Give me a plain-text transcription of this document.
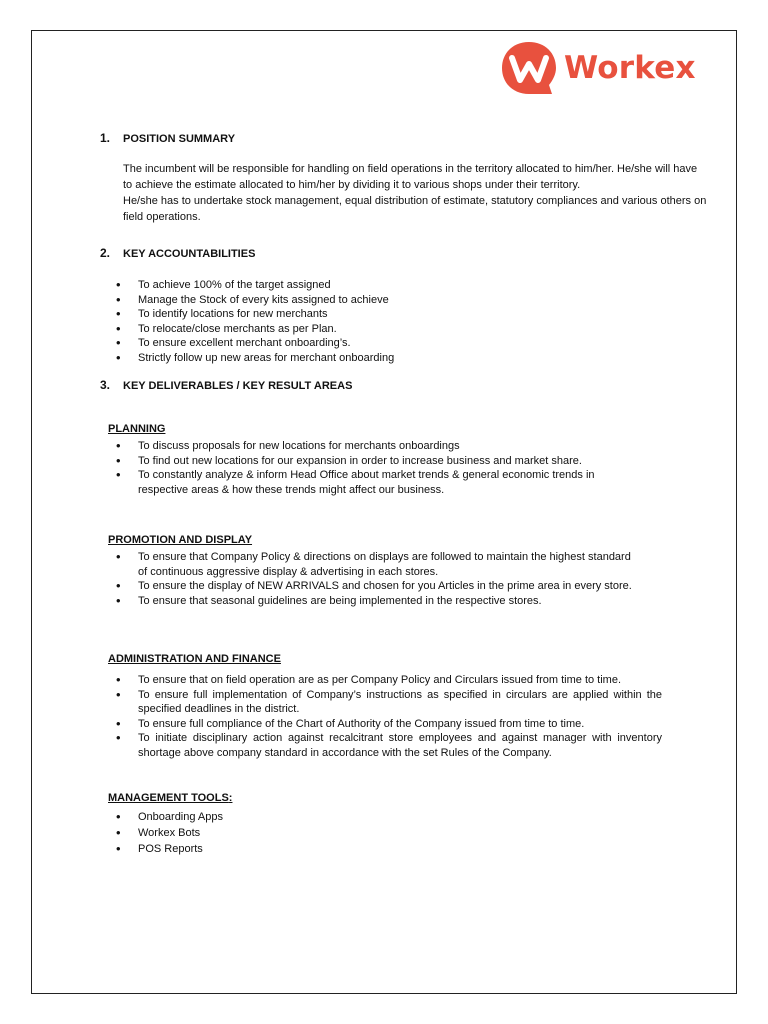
Workex
1. POSITION SUMMARY

The incumbent will be responsible for handling on field operations in the territory allocated to him/her. He/she will have to achieve the estimate allocated to him/her by dividing it to various shops under their territory.

He/she has to undertake stock management, equal distribution of estimate, statutory compliances and various others on field operations.

2. KEY ACCOUNTABILITIES
• To achieve 100% of the target assigned
• Manage the Stock of every kits assigned to achieve
• To identify locations for new merchants
• To relocate/close merchants as per Plan.
• To ensure excellent merchant onboarding’s.
• Strictly follow up new areas for merchant onboarding
3. KEY DELIVERABLES / KEY RESULT AREAS
PLANNING
• To discuss proposals for new locations for merchants onboardings
• To find out new locations for our expansion in order to increase business and market share.
• To constantly analyze & inform Head Office about market trends & general economic trends in respective areas & how these trends might affect our business.
PROMOTION AND DISPLAY
• To ensure that Company Policy & directions on displays are followed to maintain the highest standard of continuous aggressive display & advertising in each stores.
• To ensure the display of NEW ARRIVALS and chosen for you Articles in the prime area in every store.
• To ensure that seasonal guidelines are being implemented in the respective stores.
ADMINISTRATION AND FINANCE
• To ensure that on field operation are as per Company Policy and Circulars issued from time to time.
• To ensure full implementation of Company’s instructions as specified in circulars are applied within the specified deadlines in the district.
• To ensure full compliance of the Chart of Authority of the Company issued from time to time.
• To initiate disciplinary action against recalcitrant store employees and against manager with inventory shortage above company standard in accordance with the set Rules of the Company.
MANAGEMENT TOOLS:
• Onboarding Apps
• Workex Bots
• POS Reports
